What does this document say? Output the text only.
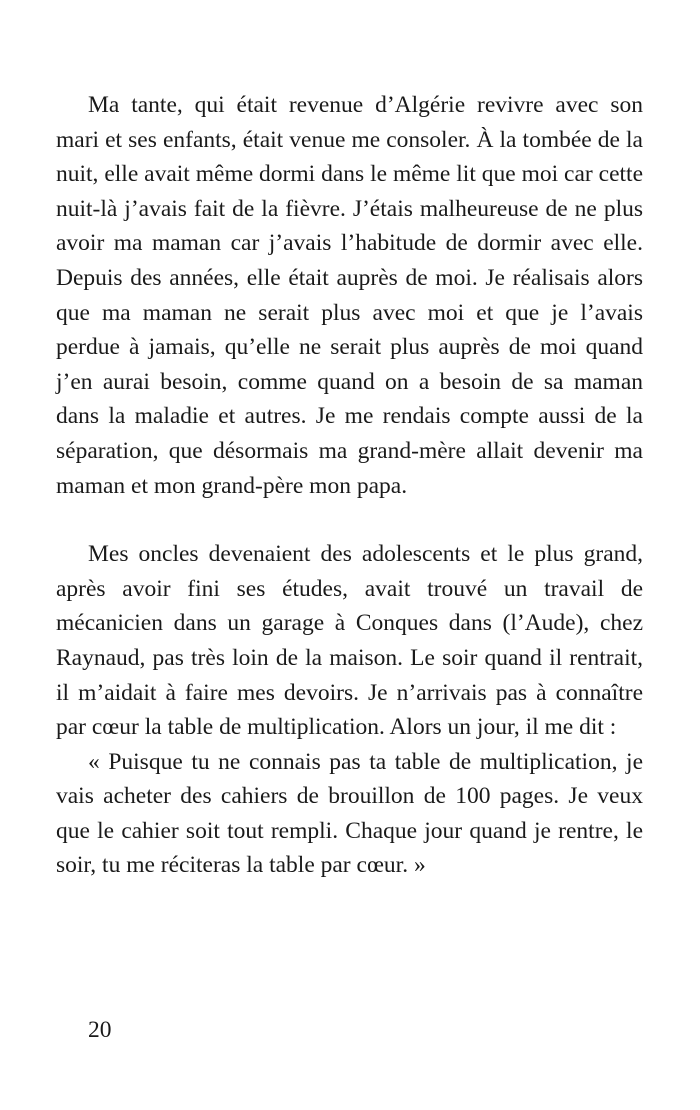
Ma tante, qui était revenue d’Algérie revivre avec son mari et ses enfants, était venue me consoler. À la tombée de la nuit, elle avait même dormi dans le même lit que moi car cette nuit-là j’avais fait de la fièvre. J’étais malheureuse de ne plus avoir ma maman car j’avais l’habitude de dormir avec elle. Depuis des années, elle était auprès de moi. Je réalisais alors que ma maman ne serait plus avec moi et que je l’avais perdue à jamais, qu’elle ne serait plus auprès de moi quand j’en aurai besoin, comme quand on a besoin de sa maman dans la maladie et autres. Je me rendais compte aussi de la séparation, que désormais ma grand-mère allait devenir ma maman et mon grand-père mon papa.

Mes oncles devenaient des adolescents et le plus grand, après avoir fini ses études, avait trouvé un travail de mécanicien dans un garage à Conques dans (l’Aude), chez Raynaud, pas très loin de la maison. Le soir quand il rentrait, il m’aidait à faire mes devoirs. Je n’arrivais pas à connaître par cœur la table de multiplication. Alors un jour, il me dit :

« Puisque tu ne connais pas ta table de multiplication, je vais acheter des cahiers de brouillon de 100 pages. Je veux que le cahier soit tout rempli. Chaque jour quand je rentre, le soir, tu me réciteras la table par cœur. »

20
